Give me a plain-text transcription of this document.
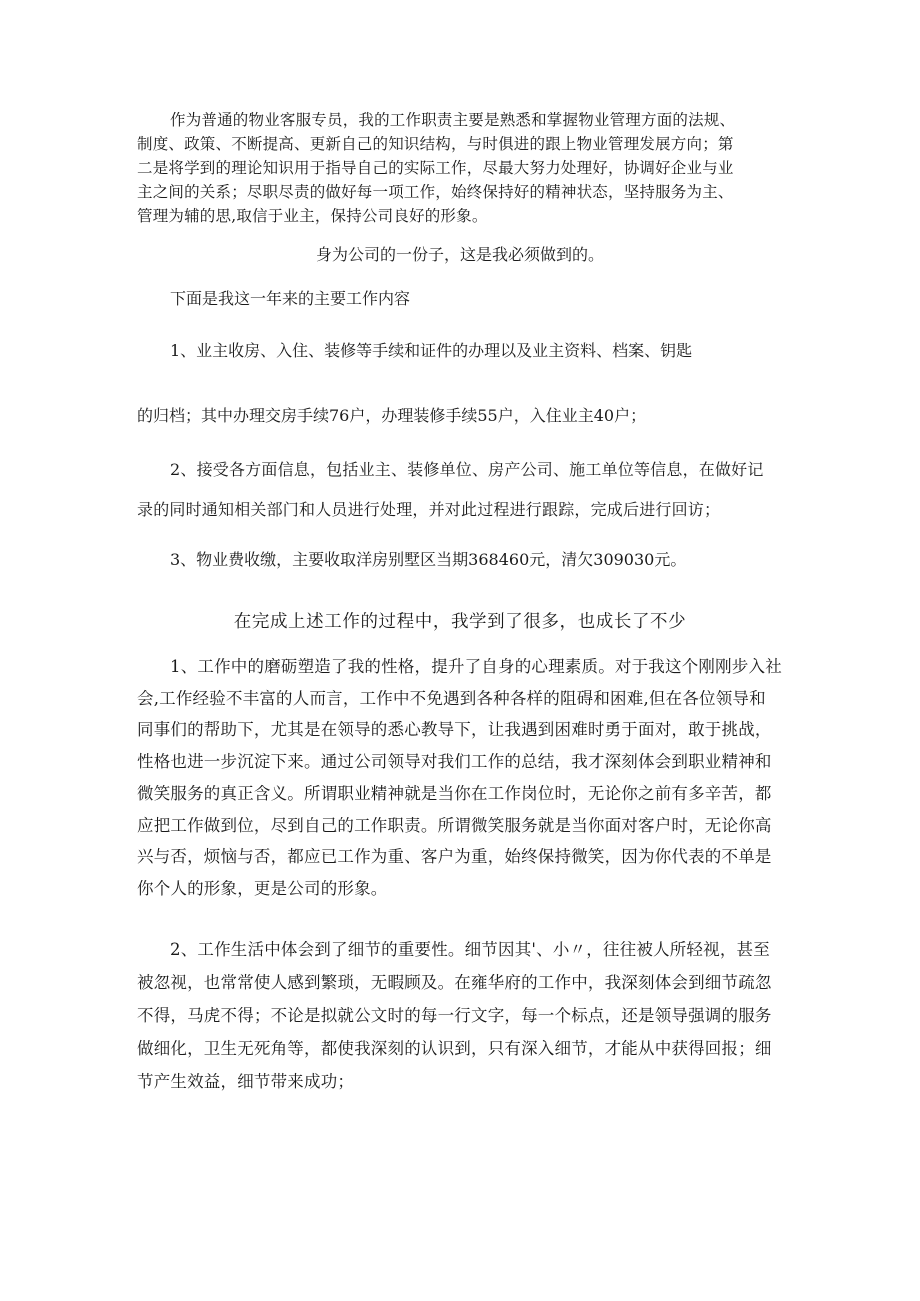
作为普通的物业客服专员，我的工作职责主要是熟悉和掌握物业管理方面的法规、
制度、政策、不断提高、更新自己的知识结构，与时俱进的跟上物业管理发展方向；第
二是将学到的理论知识用于指导自己的实际工作，尽最大努力处理好，协调好企业与业
主之间的关系；尽职尽责的做好每一项工作，始终保持好的精神状态，坚持服务为主、
管理为辅的思,取信于业主，保持公司良好的形象。

身为公司的一份子，这是我必须做到的。

下面是我这一年来的主要工作内容

1、业主收房、入住、装修等手续和证件的办理以及业主资料、档案、钥匙

的归档；其中办理交房手续76户，办理装修手续55户，入住业主40户；

2、接受各方面信息，包括业主、装修单位、房产公司、施工单位等信息，在做好记
录的同时通知相关部门和人员进行处理，并对此过程进行跟踪，完成后进行回访；

3、物业费收缴，主要收取洋房别墅区当期368460元，清欠309030元。

在完成上述工作的过程中，我学到了很多，也成长了不少

1、工作中的磨砺塑造了我的性格，提升了自身的心理素质。对于我这个刚刚步入社
会,工作经验不丰富的人而言，工作中不免遇到各种各样的阻碍和困难,但在各位领导和
同事们的帮助下，尤其是在领导的悉心教导下，让我遇到困难时勇于面对，敢于挑战，
性格也进一步沉淀下来。通过公司领导对我们工作的总结，我才深刻体会到职业精神和
微笑服务的真正含义。所谓职业精神就是当你在工作岗位时，无论你之前有多辛苦，都
应把工作做到位，尽到自己的工作职责。所谓微笑服务就是当你面对客户时，无论你高
兴与否，烦恼与否，都应已工作为重、客户为重，始终保持微笑，因为你代表的不单是
你个人的形象，更是公司的形象。

2、工作生活中体会到了细节的重要性。细节因其'、小〃，往往被人所轻视，甚至
被忽视，也常常使人感到繁琐，无暇顾及。在雍华府的工作中，我深刻体会到细节疏忽
不得，马虎不得；不论是拟就公文时的每一行文字，每一个标点，还是领导强调的服务
做细化，卫生无死角等，都使我深刻的认识到，只有深入细节，才能从中获得回报；细
节产生效益，细节带来成功；
